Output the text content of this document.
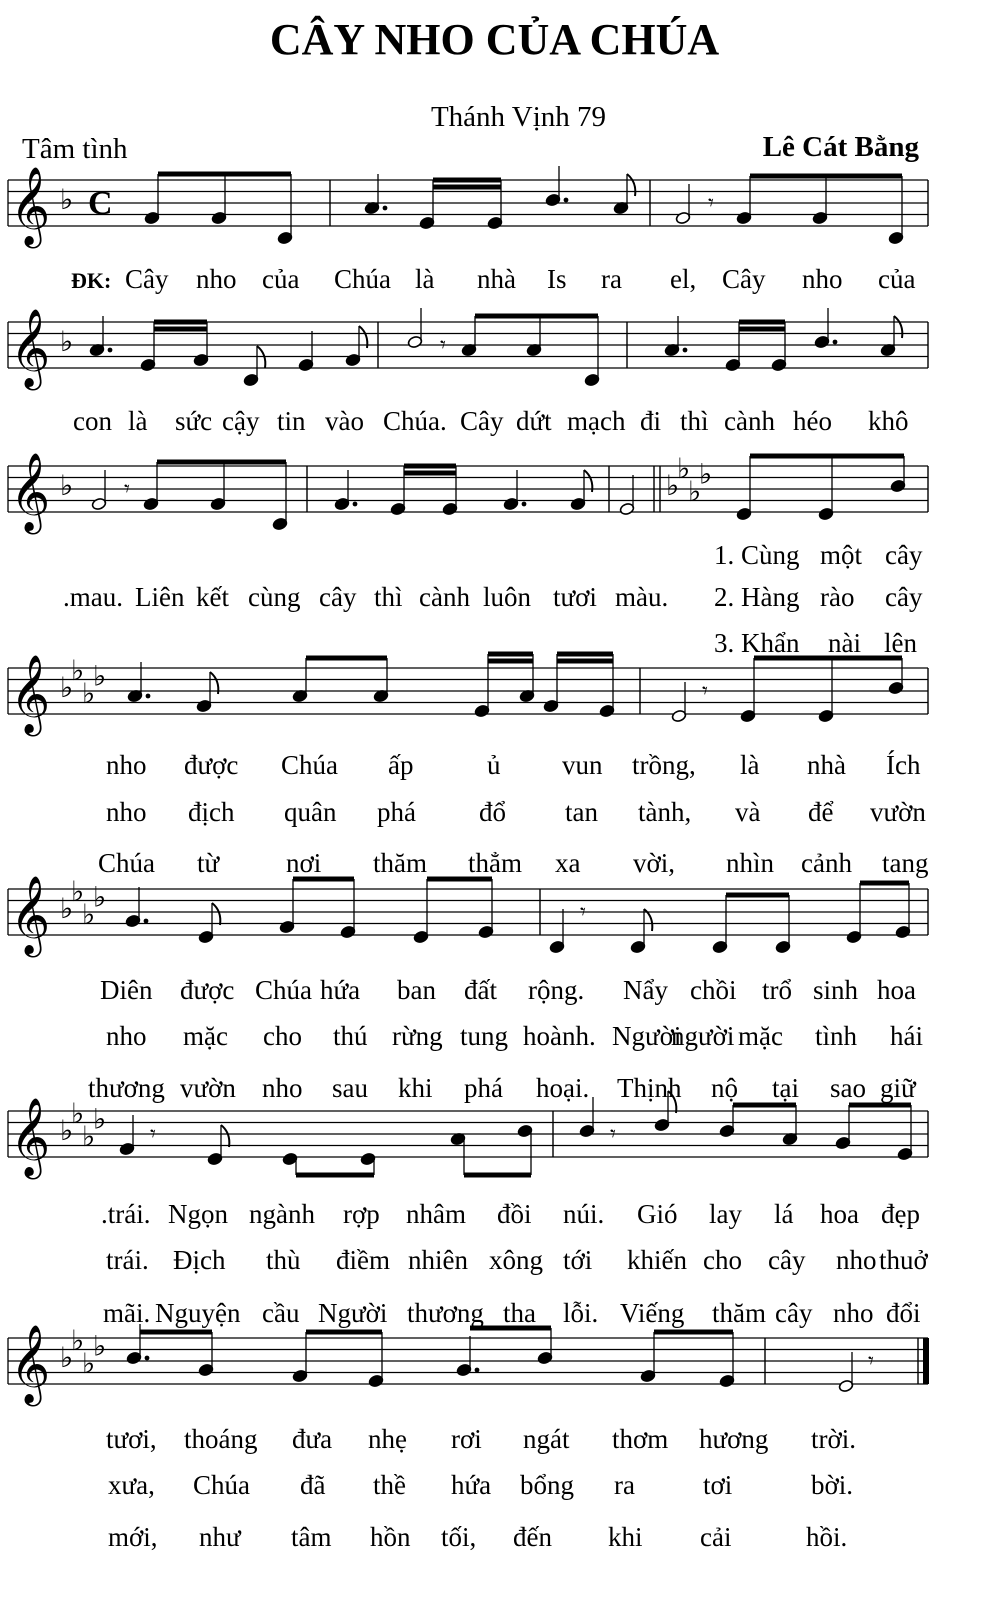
CÂY NHO CỦA CHÚA
Thánh Vịnh 79
Tâm tình	Lê Cát Bằng
𝄞 ♭ C	𝄾
𝄞 ♭	𝄾
𝄞 ♭ 𝄾	♭
♭
♭
♭
𝄞 ♭
♭
♭
♭	𝄾
𝄞 ♭
♭
♭
♭	𝄾
𝄞 ♭
♭
♭
♭ 𝄾	𝄾
𝄞 ♭
♭
♭
♭	𝄾
ĐK: Cây nho của Chúa là nhà Is ra el, Cây nho của
con là sức cậy tin vào Chúa. Cây dứt mạch đi thì cành héo khô
.mau. Liên kết cùng cây thì cành luôn tươi màu.
1. Cùng một cây
2. Hàng rào cây
3. Khẩn nài lên
nho được Chúa ấp	ủ vun trồng, là nhà Ích
nho địch quân phá đổ tan tành, và để vườn
Chúa từ nơi thăm thẳm xa vời, nhìn cảnh tang
Diên được Chúa hứa ban đất rộng. Nẩy chồi trổ sinh hoa
nho mặc cho thú rừng tung hoành. Người
người mặc tình hái
thương vườn nho sau khi phá hoại. Thịnh nộ tại sao giữ
.trái. Ngọn ngành rợp nhâm đồi núi. Gió lay lá hoa đẹp
trái. Địch thù điềm nhiên xông tới khiến cho cây nho thuở
mãi. Nguyện cầu Người thương tha lỗi. Viếng thăm cây nho đổi
tươi, thoáng đưa nhẹ rơi ngát thơm hương trời.
xưa, Chúa đã thề hứa bổng ra	tơi	bời.
mới, như tâm hồn tối, đến khi cải	hồi.
